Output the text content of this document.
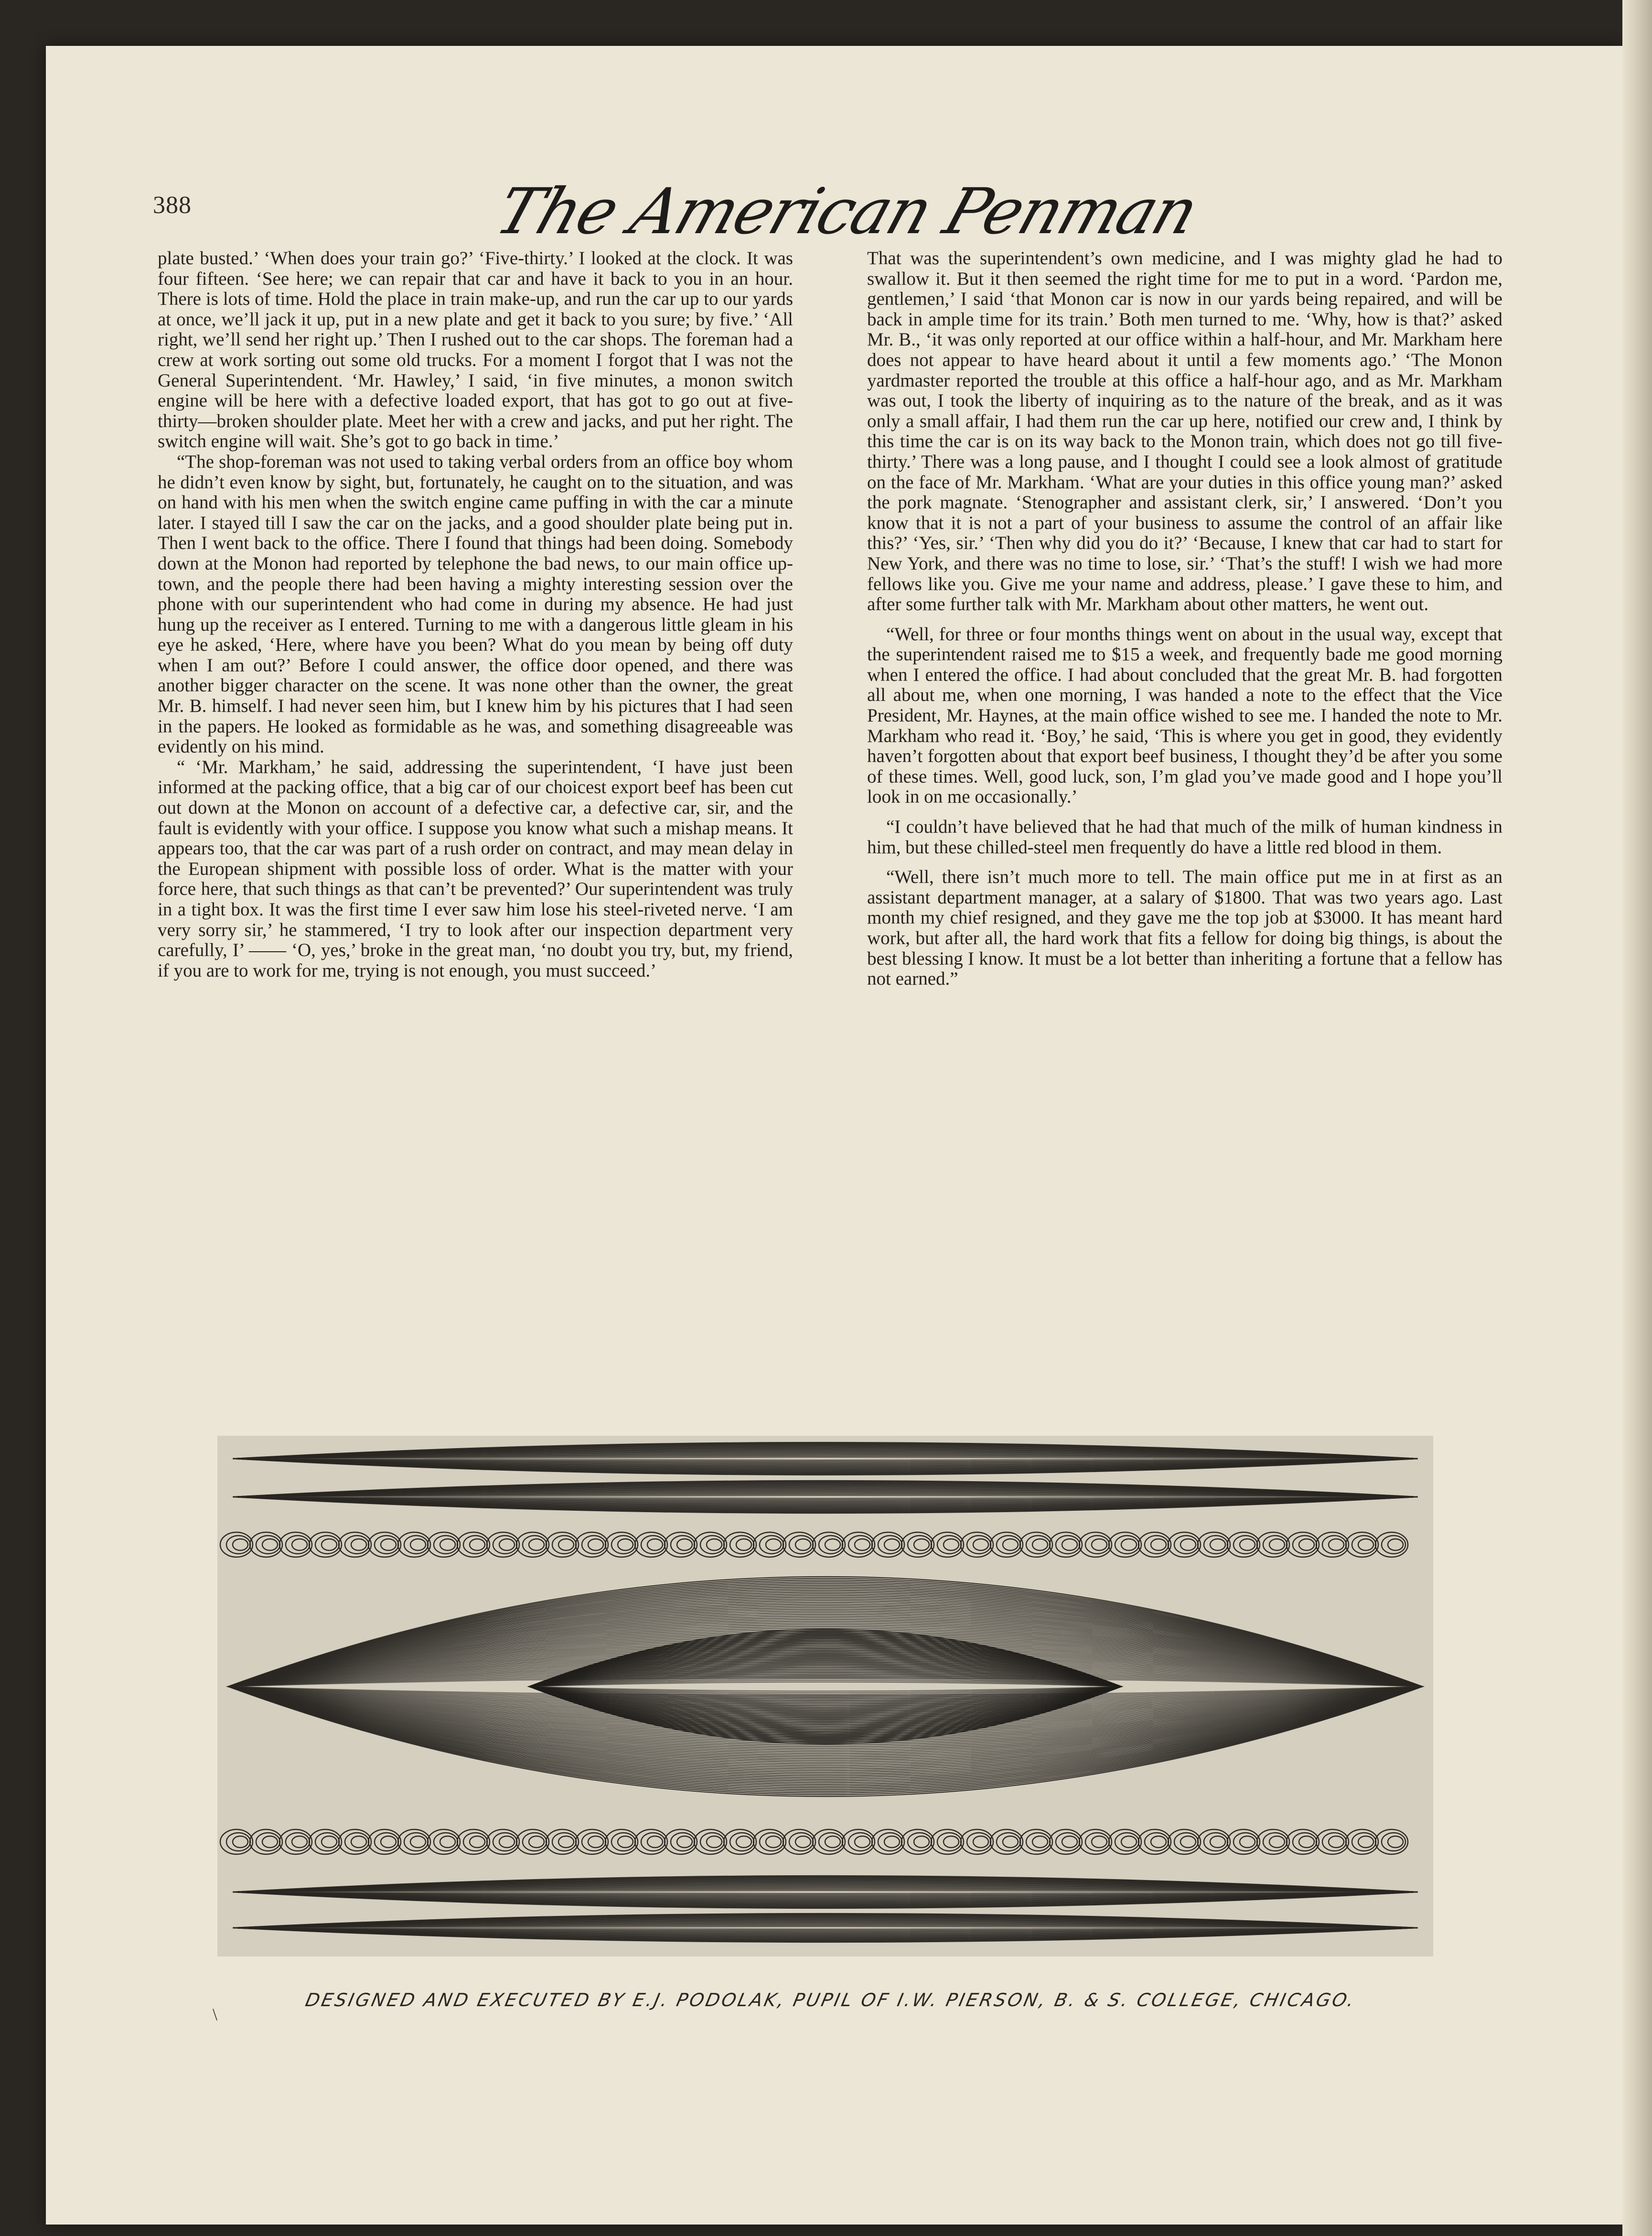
388	The American Penman

plate busted.’ ‘When does your train go?’ ‘Five-thirty.’ I looked at the clock. It was four fifteen. ‘See here; we can repair that car and have it back to you in an hour. There is lots of time. Hold the place in train make-up, and run the car up to our yards at once, we’ll jack it up, put in a new plate and get it back to you sure; by five.’ ‘All right, we’ll send her right up.’ Then I rushed out to the car shops. The foreman had a crew at work sorting out some old trucks. For a moment I forgot that I was not the General Superintendent. ‘Mr. Hawley,’ I said, ‘in five minutes, a monon switch engine will be here with a defective loaded export, that has got to go out at five-thirty—broken shoulder plate. Meet her with a crew and jacks, and put her right. The switch engine will wait. She’s got to go back in time.’

“The shop-foreman was not used to taking verbal orders from an office boy whom he didn’t even know by sight, but, fortunately, he caught on to the situation, and was on hand with his men when the switch engine came puffing in with the car a minute later. I stayed till I saw the car on the jacks, and a good shoulder plate being put in. Then I went back to the office. There I found that things had been doing. Somebody down at the Monon had reported by telephone the bad news, to our main office up-town, and the people there had been having a mighty interesting session over the phone with our superintendent who had come in during my absence. He had just hung up the receiver as I entered. Turning to me with a dangerous little gleam in his eye he asked, ‘Here, where have you been? What do you mean by being off duty when I am out?’ Before I could answer, the office door opened, and there was another bigger character on the scene. It was none other than the owner, the great Mr. B. himself. I had never seen him, but I knew him by his pictures that I had seen in the papers. He looked as formidable as he was, and something disagreeable was evidently on his mind.

“ ‘Mr. Markham,’ he said, addressing the superintendent, ‘I have just been informed at the packing office, that a big car of our choicest export beef has been cut out down at the Monon on account of a defective car, a defective car, sir, and the fault is evidently with your office. I suppose you know what such a mishap means. It appears too, that the car was part of a rush order on contract, and may mean delay in the European shipment with possible loss of order. What is the matter with your force here, that such things as that can’t be prevented?’ Our superintendent was truly in a tight box. It was the first time I ever saw him lose his steel-riveted nerve. ‘I am very sorry sir,’ he stammered, ‘I try to look after our inspection department very carefully, I’ —— ‘O, yes,’ broke in the great man, ‘no doubt you try, but, my friend, if you are to work for me, trying is not enough, you must succeed.’

That was the superintendent’s own medicine, and I was mighty glad he had to swallow it. But it then seemed the right time for me to put in a word. ‘Pardon me, gentlemen,’ I said ‘that Monon car is now in our yards being repaired, and will be back in ample time for its train.’ Both men turned to me. ‘Why, how is that?’ asked Mr. B., ‘it was only reported at our office within a half-hour, and Mr. Markham here does not appear to have heard about it until a few moments ago.’ ‘The Monon yardmaster reported the trouble at this office a half-hour ago, and as Mr. Markham was out, I took the liberty of inquiring as to the nature of the break, and as it was only a small affair, I had them run the car up here, notified our crew and, I think by this time the car is on its way back to the Monon train, which does not go till five-thirty.’ There was a long pause, and I thought I could see a look almost of gratitude on the face of Mr. Markham. ‘What are your duties in this office young man?’ asked the pork magnate. ‘Stenographer and assistant clerk, sir,’ I answered. ‘Don’t you know that it is not a part of your business to assume the control of an affair like this?’ ‘Yes, sir.’ ‘Then why did you do it?’ ‘Because, I knew that car had to start for New York, and there was no time to lose, sir.’ ‘That’s the stuff! I wish we had more fellows like you. Give me your name and address, please.’ I gave these to him, and after some further talk with Mr. Markham about other matters, he went out.

“Well, for three or four months things went on about in the usual way, except that the superintendent raised me to $15 a week, and frequently bade me good morning when I entered the office. I had about concluded that the great Mr. B. had forgotten all about me, when one morning, I was handed a note to the effect that the Vice President, Mr. Haynes, at the main office wished to see me. I handed the note to Mr. Markham who read it. ‘Boy,’ he said, ‘This is where you get in good, they evidently haven’t forgotten about that export beef business, I thought they’d be after you some of these times. Well, good luck, son, I’m glad you’ve made good and I hope you’ll look in on me occasionally.’

“I couldn’t have believed that he had that much of the milk of human kindness in him, but these chilled-steel men frequently do have a little red blood in them.

“Well, there isn’t much more to tell. The main office put me in at first as an assistant department manager, at a salary of $1800. That was two years ago. Last month my chief resigned, and they gave me the top job at $3000. It has meant hard work, but after all, the hard work that fits a fellow for doing big things, is about the best blessing I know. It must be a lot better than inheriting a fortune that a fellow has not earned.”

\
DESIGNED AND EXECUTED BY E.J. PODOLAK, PUPIL OF I.W. PIERSON, B. & S. COLLEGE, CHICAGO.
